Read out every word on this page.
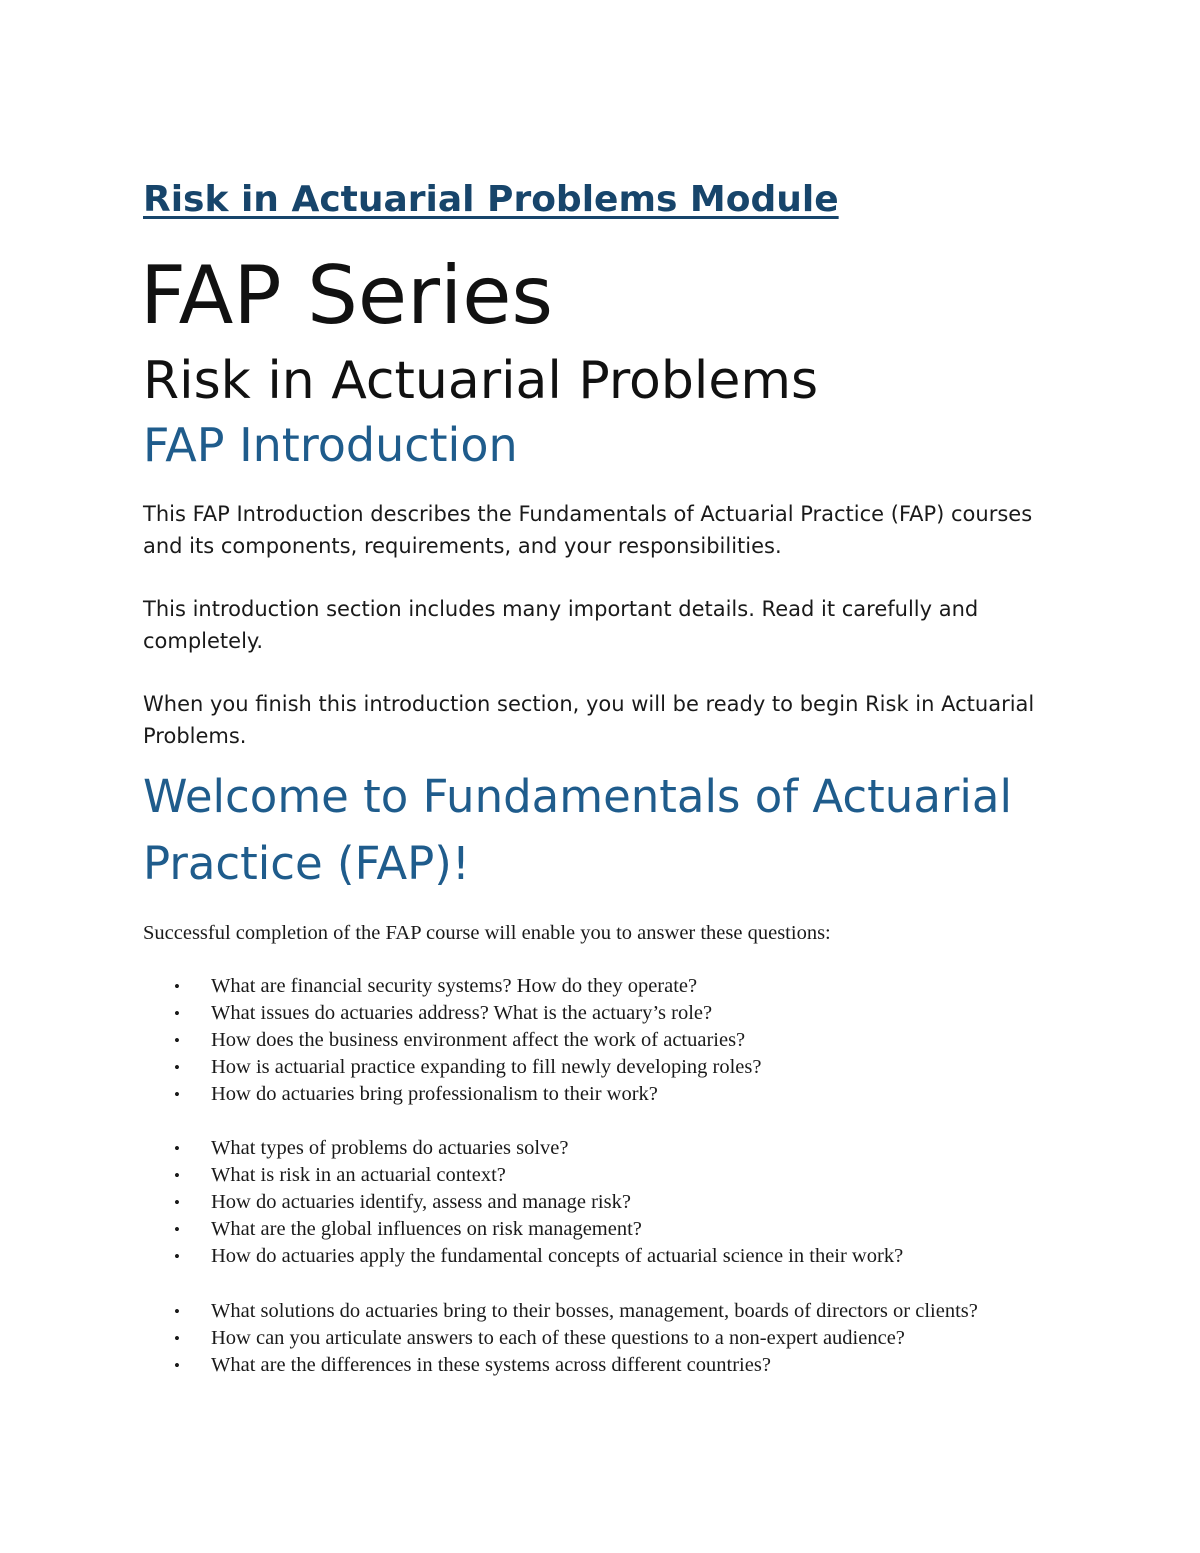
Risk in Actuarial Problems Module
FAP Series
Risk in Actuarial Problems
FAP Introduction

This FAP Introduction describes the Fundamentals of Actuarial Practice (FAP) courses and its components, requirements, and your responsibilities.

This introduction section includes many important details. Read it carefully and completely.

When you finish this introduction section, you will be ready to begin Risk in Actuarial Problems.

Welcome to Fundamentals of Actuarial Practice (FAP)!

Successful completion of the FAP course will enable you to answer these questions:

• What are financial security systems? How do they operate?
• What issues do actuaries address? What is the actuary’s role?
• How does the business environment affect the work of actuaries?
• How is actuarial practice expanding to fill newly developing roles?
• How do actuaries bring professionalism to their work?
• What types of problems do actuaries solve?
• What is risk in an actuarial context?
• How do actuaries identify, assess and manage risk?
• What are the global influences on risk management?
• How do actuaries apply the fundamental concepts of actuarial science in their work?
• What solutions do actuaries bring to their bosses, management, boards of directors or clients?
• How can you articulate answers to each of these questions to a non-expert audience?
• What are the differences in these systems across different countries?
